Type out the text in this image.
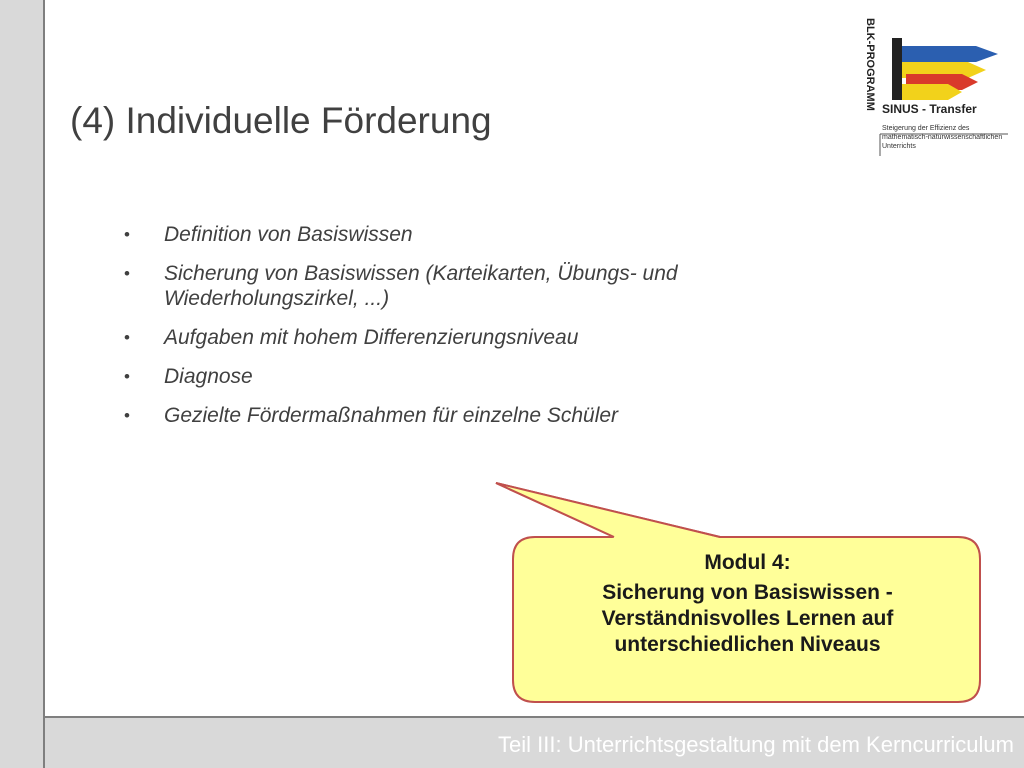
Teil III: Unterrichtsgestaltung mit dem Kerncurriculum
(4) Individuelle Förderung
• Definition von Basiswissen
• Sicherung von Basiswissen (Karteikarten, Übungs- und Wiederholungszirkel, ...)
• Aufgaben mit hohem Differenzierungsniveau
• Diagnose
• Gezielte Fördermaßnahmen für einzelne Schüler
Modul 4:
Sicherung von Basiswissen - Verständnisvolles Lernen auf unterschiedlichen Niveaus
BLK-PROGRAMM SINUS - Transfer
Steigerung der Effizienz des mathematisch-naturwissenschaftlichen Unterrichts
